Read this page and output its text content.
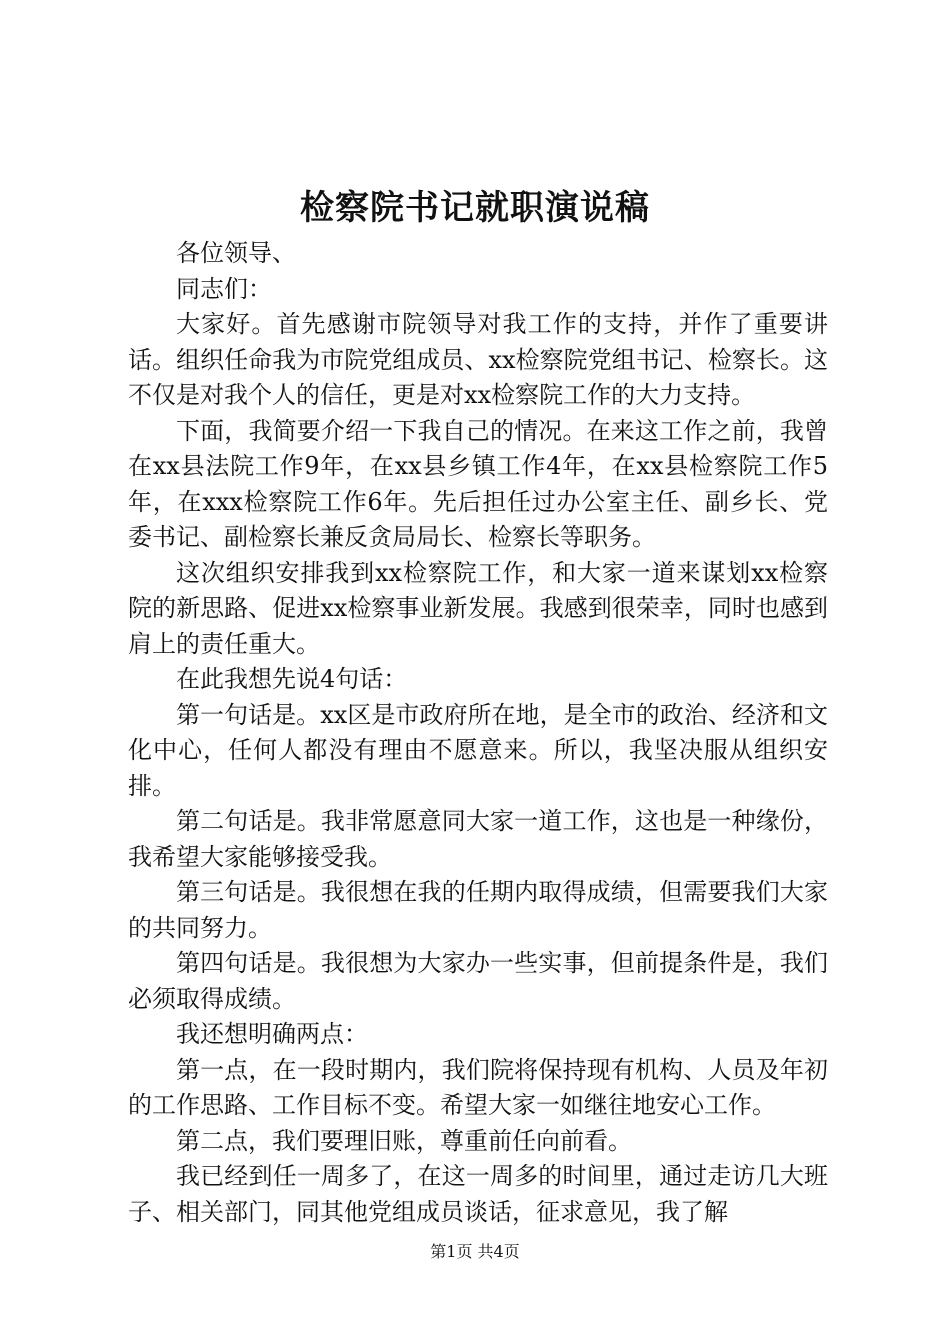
检察院书记就职演说稿

各位领导、

同志们：

大家好。首先感谢市院领导对我工作的支持，并作了重要讲话。组织任命我为市院党组成员、xx检察院党组书记、检察长。这不仅是对我个人的信任，更是对xx检察院工作的大力支持。

下面，我简要介绍一下我自己的情况。在来这工作之前，我曾在xx县法院工作9年，在xx县乡镇工作4年，在xx县检察院工作5年，在xxx检察院工作6年。先后担任过办公室主任、副乡长、党委书记、副检察长兼反贪局局长、检察长等职务。

这次组织安排我到xx检察院工作，和大家一道来谋划xx检察院的新思路、促进xx检察事业新发展。我感到很荣幸，同时也感到肩上的责任重大。

在此我想先说4句话：

第一句话是。xx区是市政府所在地，是全市的政治、经济和文化中心，任何人都没有理由不愿意来。所以，我坚决服从组织安排。

第二句话是。我非常愿意同大家一道工作，这也是一种缘份，我希望大家能够接受我。

第三句话是。我很想在我的任期内取得成绩，但需要我们大家的共同努力。

第四句话是。我很想为大家办一些实事，但前提条件是，我们必须取得成绩。

我还想明确两点：

第一点，在一段时期内，我们院将保持现有机构、人员及年初的工作思路、工作目标不变。希望大家一如继往地安心工作。

第二点，我们要理旧账，尊重前任向前看。

我已经到任一周多了，在这一周多的时间里，通过走访几大班子、相关部门，同其他党组成员谈话，征求意见，我了解

第1页 共4页
